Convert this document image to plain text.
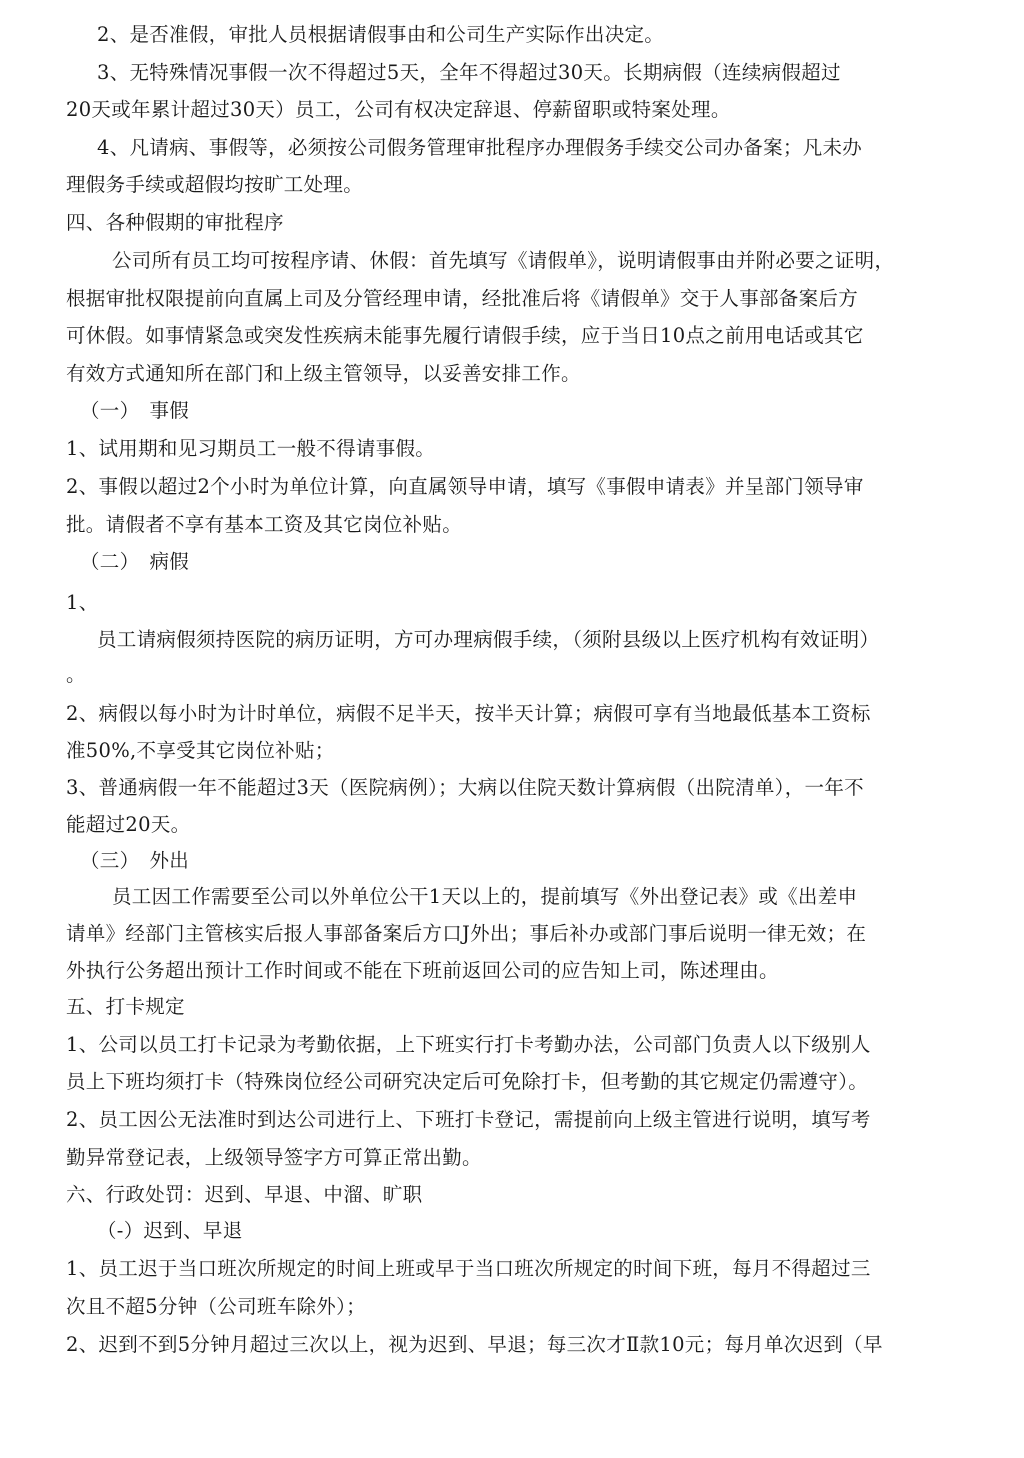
2、是否准假，审批人员根据请假事由和公司生产实际作出决定。
3、无特殊情况事假一次不得超过5天，全年不得超过30天。长期病假（连续病假超过
20天或年累计超过30天）员工，公司有权决定辞退、停薪留职或特案处理。
4、凡请病、事假等，必须按公司假务管理审批程序办理假务手续交公司办备案；凡未办
理假务手续或超假均按旷工处理。
四、各种假期的审批程序
公司所有员工均可按程序请、休假：首先填写《请假单》，说明请假事由并附必要之证明，
根据审批权限提前向直属上司及分管经理申请，经批准后将《请假单》交于人事部备案后方
可休假。如事情紧急或突发性疾病未能事先履行请假手续，应于当日10点之前用电话或其它
有效方式通知所在部门和上级主管领导，以妥善安排工作。
（一）　事假
1、试用期和见习期员工一般不得请事假。
2、事假以超过2个小时为单位计算，向直属领导申请，填写《事假申请表》并呈部门领导审
批。请假者不享有基本工资及其它岗位补贴。
（二）　病假
1、
员工请病假须持医院的病历证明，方可办理病假手续，（须附县级以上医疗机构有效证明）
。
2、病假以每小时为计时单位，病假不足半天，按半天计算；病假可享有当地最低基本工资标
准50%,不享受其它岗位补贴；
3、普通病假一年不能超过3天（医院病例）；大病以住院天数计算病假（出院清单），一年不
能超过20天。
（三）　外出
员工因工作需要至公司以外单位公干1天以上的，提前填写《外出登记表》或《出差申
请单》经部门主管核实后报人事部备案后方口J外出；事后补办或部门事后说明一律无效；在
外执行公务超出预计工作时间或不能在下班前返回公司的应告知上司，陈述理由。
五、打卡规定
1、公司以员工打卡记录为考勤依据，上下班实行打卡考勤办法，公司部门负责人以下级别人
员上下班均须打卡（特殊岗位经公司研究决定后可免除打卡，但考勤的其它规定仍需遵守）。
2、员工因公无法准时到达公司进行上、下班打卡登记，需提前向上级主管进行说明，填写考
勤异常登记表，上级领导签字方可算正常出勤。
六、行政处罚：迟到、早退、中溜、旷职
（-）迟到、早退
1、员工迟于当口班次所规定的时间上班或早于当口班次所规定的时间下班，每月不得超过三
次且不超5分钟（公司班车除外）；
2、迟到不到5分钟月超过三次以上，视为迟到、早退；每三次才Ⅱ款10元；每月单次迟到（早
